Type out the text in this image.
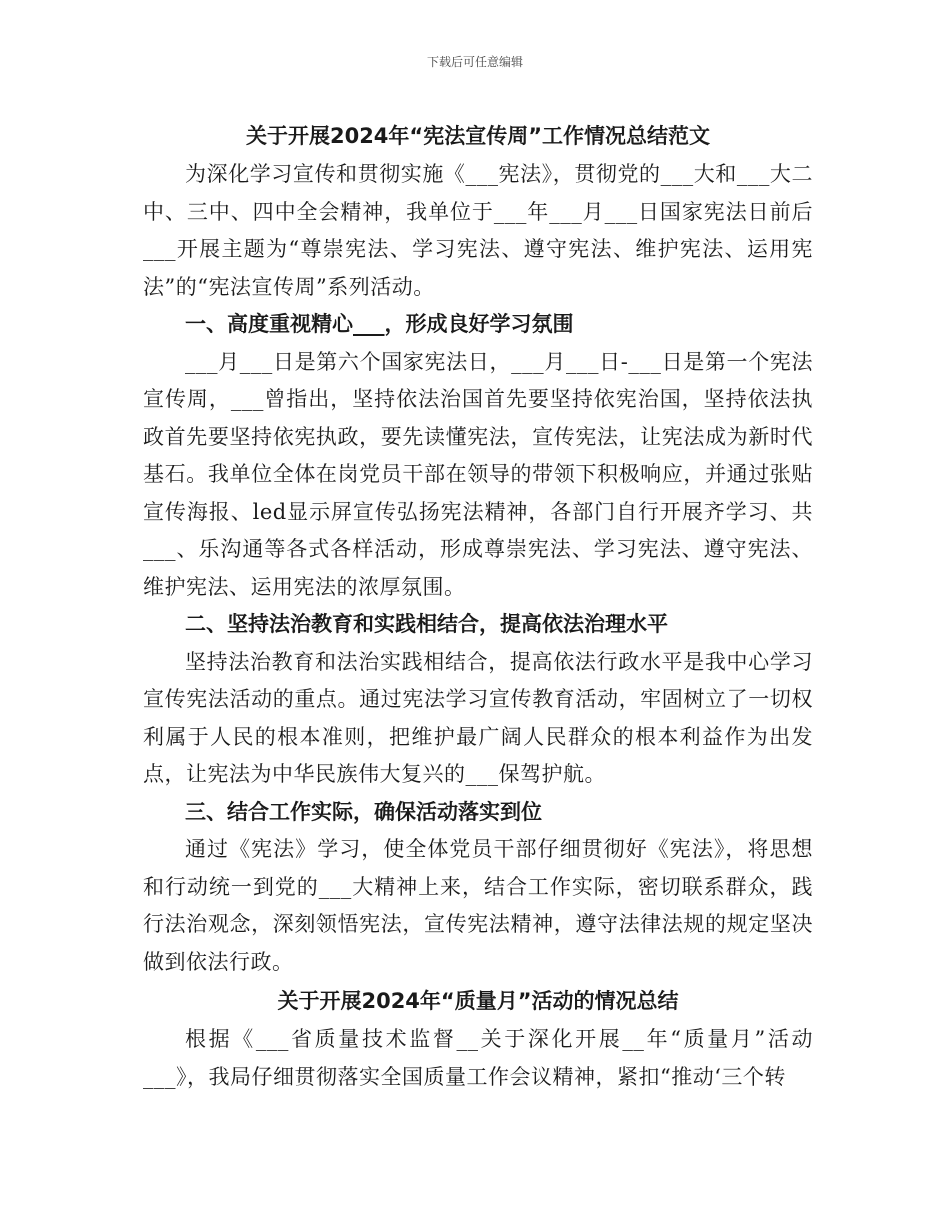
下载后可任意编辑
关于开展2024年“宪法宣传周”工作情况总结范文

为深化学习宣传和贯彻实施《___宪法》，贯彻党的___大和___大二中、三中、四中全会精神，我单位于___年___月___日国家宪法日前后___开展主题为“尊崇宪法、学习宪法、遵守宪法、维护宪法、运用宪法”的“宪法宣传周”系列活动。

一、高度重视精心___，形成良好学习氛围

___月___日是第六个国家宪法日，___月___日-___日是第一个宪法宣传周，___曾指出，坚持依法治国首先要坚持依宪治国，坚持依法执政首先要坚持依宪执政，要先读懂宪法，宣传宪法，让宪法成为新时代基石。我单位全体在岗党员干部在领导的带领下积极响应，并通过张贴宣传海报、led显示屏宣传弘扬宪法精神，各部门自行开展齐学习、共___、乐沟通等各式各样活动，形成尊崇宪法、学习宪法、遵守宪法、维护宪法、运用宪法的浓厚氛围。

二、坚持法治教育和实践相结合，提高依法治理水平

坚持法治教育和法治实践相结合，提高依法行政水平是我中心学习宣传宪法活动的重点。通过宪法学习宣传教育活动，牢固树立了一切权利属于人民的根本准则，把维护最广阔人民群众的根本利益作为出发点，让宪法为中华民族伟大复兴的___保驾护航。

三、结合工作实际，确保活动落实到位

通过《宪法》学习，使全体党员干部仔细贯彻好《宪法》，将思想和行动统一到党的___大精神上来，结合工作实际，密切联系群众，践行法治观念，深刻领悟宪法，宣传宪法精神，遵守法律法规的规定坚决做到依法行政。

关于开展2024年“质量月”活动的情况总结

根据《___省质量技术监督__关于深化开展__年“质量月”活动___》，我局仔细贯彻落实全国质量工作会议精神，紧扣“推动‘三个转
